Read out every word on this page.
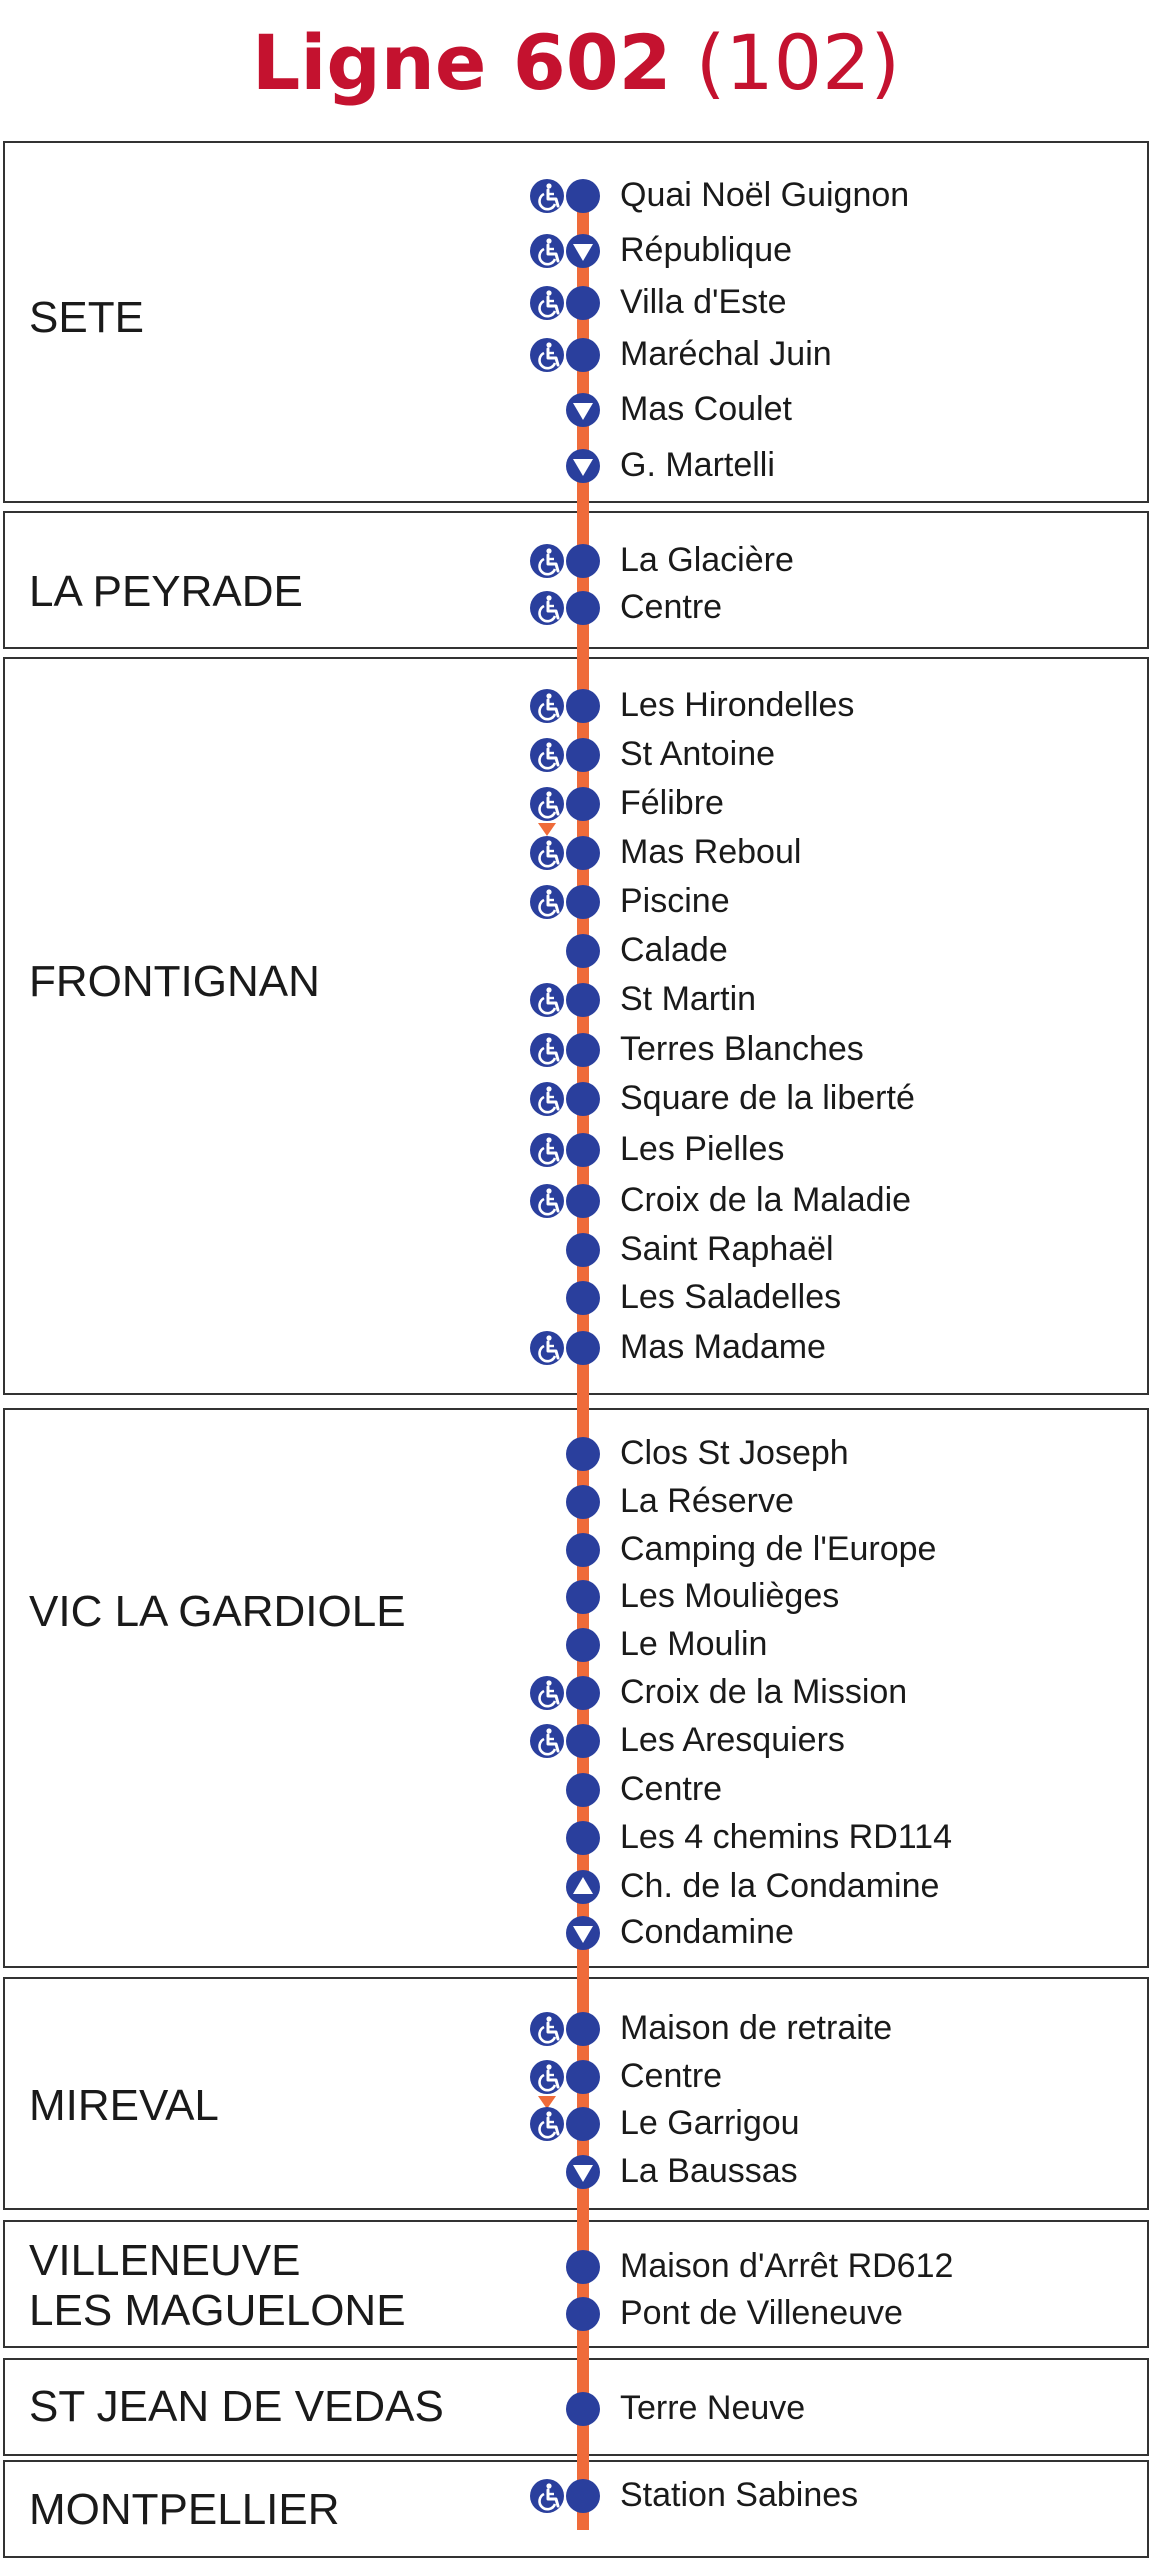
Ligne 602 (102)
SETE
LA PEYRADE
FRONTIGNAN
VIC LA GARDIOLE
MIREVAL
VILLENEUVE
LES MAGUELONE
ST JEAN DE VEDAS
MONTPELLIER
Quai Noël Guignon
République
Villa d'Este
Maréchal Juin
Mas Coulet
G. Martelli
La Glacière
Centre
Les Hirondelles
St Antoine
Félibre
Mas Reboul
Piscine
Calade
St Martin
Terres Blanches
Square de la liberté
Les Pielles
Croix de la Maladie
Saint Raphaël
Les Saladelles
Mas Madame
Clos St Joseph
La Réserve
Camping de l'Europe
Les Moulièges
Le Moulin
Croix de la Mission
Les Aresquiers
Centre
Les 4 chemins RD114
Ch. de la Condamine
Condamine
Maison de retraite
Centre
Le Garrigou
La Baussas
Maison d'Arrêt RD612
Pont de Villeneuve
Terre Neuve
Station Sabines
